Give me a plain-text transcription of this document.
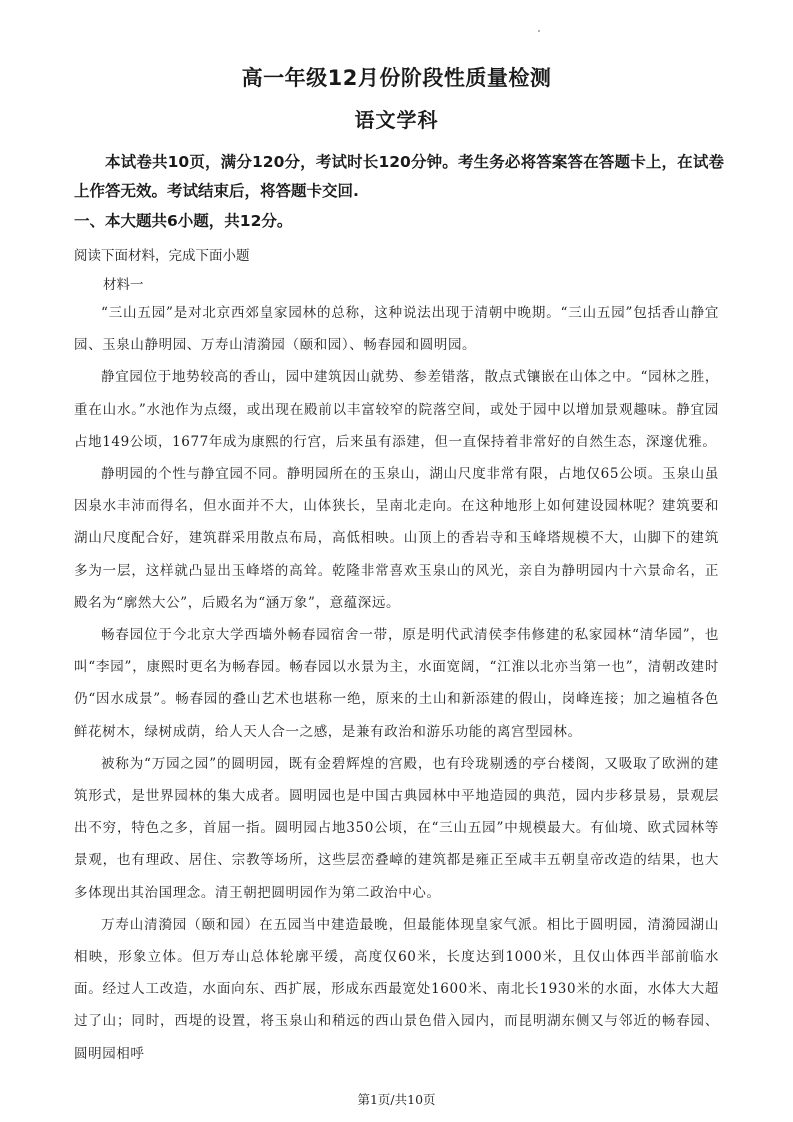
高一年级12月份阶段性质量检测
语文学科

本试卷共10页，满分120分，考试时长120分钟。考生务必将答案答在答题卡上，在试卷上作答无效。考试结束后，将答题卡交回.

一、本大题共6小题，共12分。

阅读下面材料，完成下面小题

材料一

“三山五园”是对北京西郊皇家园林的总称，这种说法出现于清朝中晚期。“三山五园”包括香山静宜园、玉泉山静明园、万寿山清漪园（颐和园）、畅春园和圆明园。

静宜园位于地势较高的香山，园中建筑因山就势、参差错落，散点式镶嵌在山体之中。“园林之胜，重在山水。”水池作为点缀，或出现在殿前以丰富较窄的院落空间，或处于园中以增加景观趣味。静宜园占地149公顷，1677年成为康熙的行宫，后来虽有添建，但一直保持着非常好的自然生态，深邃优雅。

静明园的个性与静宜园不同。静明园所在的玉泉山，湖山尺度非常有限，占地仅65公顷。玉泉山虽因泉水丰沛而得名，但水面并不大，山体狭长，呈南北走向。在这种地形上如何建设园林呢？建筑要和湖山尺度配合好，建筑群采用散点布局，高低相映。山顶上的香岩寺和玉峰塔规模不大，山脚下的建筑多为一层，这样就凸显出玉峰塔的高耸。乾隆非常喜欢玉泉山的风光，亲自为静明园内十六景命名，正殿名为“廓然大公”，后殿名为“涵万象”，意蕴深远。

畅春园位于今北京大学西墙外畅春园宿舍一带，原是明代武清侯李伟修建的私家园林“清华园”，也叫“李园”，康熙时更名为畅春园。畅春园以水景为主，水面宽阔，“江淮以北亦当第一也”，清朝改建时仍“因水成景”。畅春园的叠山艺术也堪称一绝，原来的土山和新添建的假山，岗峰连接；加之遍植各色鲜花树木，绿树成荫，给人天人合一之感，是兼有政治和游乐功能的离宫型园林。

被称为“万园之园”的圆明园，既有金碧辉煌的宫殿，也有玲珑剔透的亭台楼阁，又吸取了欧洲的建筑形式，是世界园林的集大成者。圆明园也是中国古典园林中平地造园的典范，园内步移景易，景观层出不穷，特色之多，首屈一指。圆明园占地350公顷，在“三山五园”中规模最大。有仙境、欧式园林等景观，也有理政、居住、宗教等场所，这些层峦叠嶂的建筑都是雍正至咸丰五朝皇帝改造的结果，也大多体现出其治国理念。清王朝把圆明园作为第二政治中心。

万寿山清漪园（颐和园）在五园当中建造最晚，但最能体现皇家气派。相比于圆明园，清漪园湖山相映，形象立体。但万寿山总体轮廓平缓，高度仅60米，长度达到1000米，且仅山体西半部前临水面。经过人工改造，水面向东、西扩展，形成东西最宽处1600米、南北长1930米的水面，水体大大超过了山；同时，西堤的设置，将玉泉山和稍远的西山景色借入园内，而昆明湖东侧又与邻近的畅春园、圆明园相呼

第1页/共10页
